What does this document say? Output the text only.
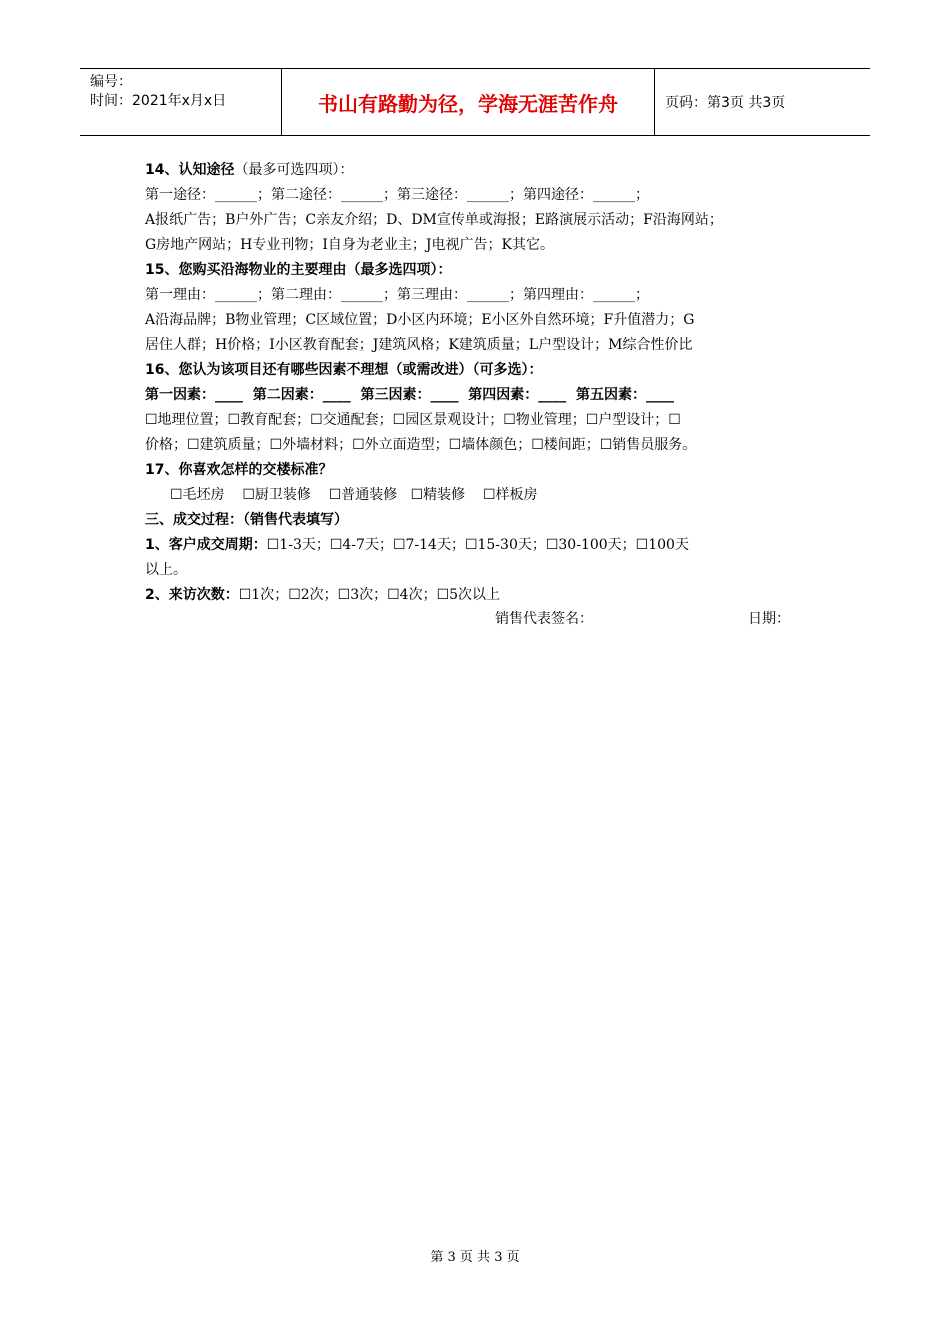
编号：
时间：2021年x月x日	书山有路勤为径，学海无涯苦作舟	页码：第3页 共3页
14、认知途径（最多可选四项）：
第一途径：______；第二途径：______；第三途径：______；第四途径：______；
A报纸广告；B户外广告；C亲友介绍；D、DM宣传单或海报；E路演展示活动；F沿海网站；
G房地产网站；H专业刊物；I自身为老业主；J电视广告；K其它。
15、您购买沿海物业的主要理由（最多选四项）：
第一理由：______；第二理由：______；第三理由：______；第四理由：______；
A沿海品牌；B物业管理；C区域位置；D小区内环境；E小区外自然环境；F升值潜力；G
居住人群；H价格；I小区教育配套；J建筑风格；K建筑质量；L户型设计；M综合性价比
16、您认为该项目还有哪些因素不理想（或需改进）（可多选）：
第一因素：____  第二因素：____  第三因素：____  第四因素：____  第五因素：____
☐地理位置；☐教育配套；☐交通配套；☐园区景观设计；☐物业管理；☐户型设计；☐
价格；☐建筑质量；☐外墙材料；☐外立面造型；☐墙体颜色；☐楼间距；☐销售员服务。
17、你喜欢怎样的交楼标准？
☐毛坯房    ☐厨卫装修    ☐普通装修   ☐精装修    ☐样板房
三、成交过程：（销售代表填写）
1、客户成交周期：☐1-3天；☐4-7天；☐7-14天；☐15-30天；☐30-100天；☐100天
以上。
2、来访次数：☐1次；☐2次；☐3次；☐4次；☐5次以上
销售代表签名：	日期：
第 3 页 共 3 页
